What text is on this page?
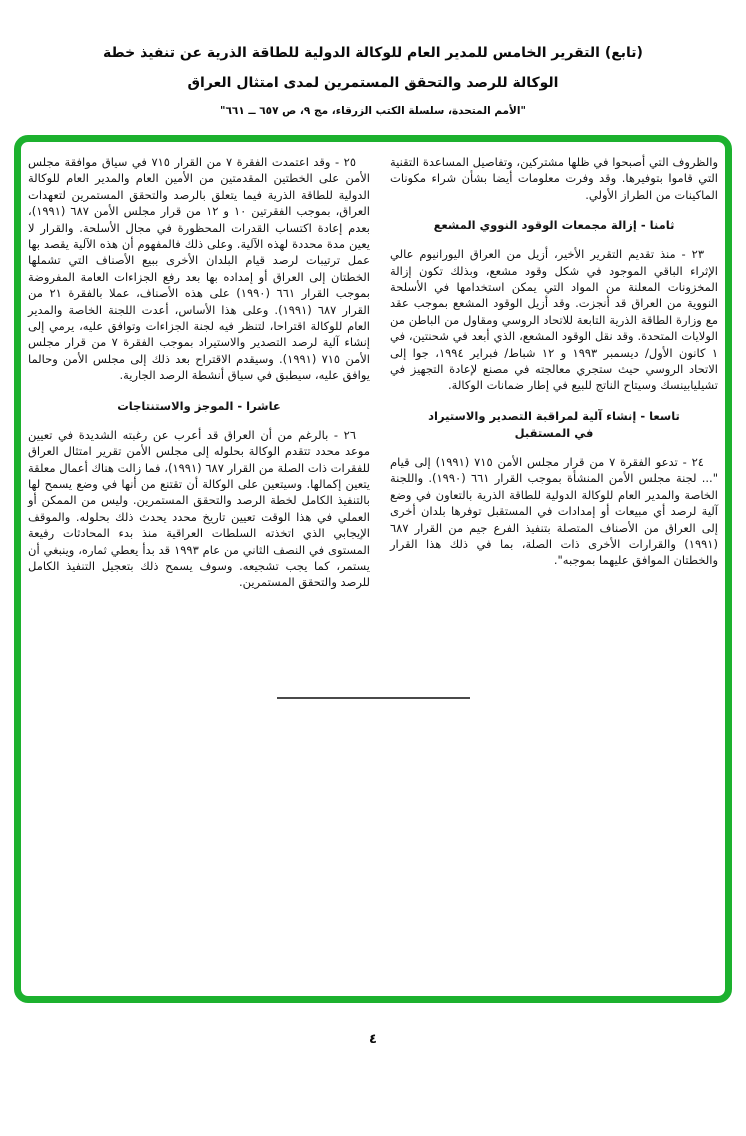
(تابع) التقرير الخامس للمدير العام للوكالة الدولية للطاقة الذرية عن تنفيذ خطة
الوكالة للرصد والتحقق المستمرين لمدى امتثال العراق
"الأمم المتحدة، سلسلة الكتب الزرقاء، مج ٩، ص ٦٥٧ ــ ٦٦١"

والظروف التي أصبحوا في ظلها مشتركين، وتفاصيل المساعدة التقنية التي قاموا بتوفيرها. وقد وفرت معلومات أيضا بشأن شراء مكونات الماكينات من الطراز الأولي.

ثامنا - إزالة مجمعات الوقود النووي المشعع

٢٣ - منذ تقديم التقرير الأخير، أزيل من العراق اليورانيوم عالي الإثراء الباقي الموجود في شكل وقود مشعع، وبذلك تكون إزالة المخزونات المعلنة من المواد التي يمكن استخدامها في الأسلحة النووية من العراق قد أنجزت. وقد أزيل الوقود المشعع بموجب عقد مع وزارة الطاقة الذرية التابعة للاتحاد الروسي ومقاول من الباطن من الولايات المتحدة. وقد نقل الوقود المشعع، الذي أبعد في شحنتين، في ١ كانون الأول/ ديسمبر ١٩٩٣ و ١٢ شباط/ فبراير ١٩٩٤، جوا إلى الاتحاد الروسي حيث ستجري معالجته في مصنع لإعادة التجهيز في تشيليابينسك وسيتاح الناتج للبيع في إطار ضمانات الوكالة.

تاسعا - إنشاء آلية لمراقبة التصدير والاستيراد
في المستقبل

٢٤ - تدعو الفقرة ٧ من قرار مجلس الأمن ٧١٥ (١٩٩١) إلى قيام "... لجنة مجلس الأمن المنشأة بموجب القرار ٦٦١ (١٩٩٠). واللجنة الخاصة والمدير العام للوكالة الدولية للطاقة الذرية بالتعاون في وضع آلية لرصد أي مبيعات أو إمدادات في المستقبل توفرها بلدان أخرى إلى العراق من الأصناف المتصلة بتنفيذ الفرع جيم من القرار ٦٨٧ (١٩٩١) والقرارات الأخرى ذات الصلة، بما في ذلك هذا القرار والخطتان الموافق عليهما بموجبه".

٢٥ - وقد اعتمدت الفقرة ٧ من القرار ٧١٥ في سياق موافقة مجلس الأمن على الخطتين المقدمتين من الأمين العام والمدير العام للوكالة الدولية للطاقة الذرية فيما يتعلق بالرصد والتحقق المستمرين لتعهدات العراق، بموجب الفقرتين ١٠ و ١٢ من قرار مجلس الأمن ٦٨٧ (١٩٩١)، بعدم إعادة اكتساب القدرات المحظورة في مجال الأسلحة. والقرار لا يعين مدة محددة لهذه الآلية. وعلى ذلك فالمفهوم أن هذه الآلية يقصد بها عمل ترتيبات لرصد قيام البلدان الأخرى ببيع الأصناف التي تشملها الخطتان إلى العراق أو إمداده بها بعد رفع الجزاءات العامة المفروضة بموجب القرار ٦٦١ (١٩٩٠) على هذه الأصناف، عملا بالفقرة ٢١ من القرار ٦٨٧ (١٩٩١). وعلى هذا الأساس، أعدت اللجنة الخاصة والمدير العام للوكالة اقتراحا، لتنظر فيه لجنة الجزاءات وتوافق عليه، يرمي إلى إنشاء آلية لرصد التصدير والاستيراد بموجب الفقرة ٧ من قرار مجلس الأمن ٧١٥ (١٩٩١). وسيقدم الاقتراح بعد ذلك إلى مجلس الأمن وحالما يوافق عليه، سيطبق في سياق أنشطة الرصد الجارية.

عاشرا - الموجز والاستنتاجات

٢٦ - بالرغم من أن العراق قد أعرب عن رغبته الشديدة في تعيين موعد محدد تتقدم الوكالة بحلوله إلى مجلس الأمن تقرير امتثال العراق للفقرات ذات الصلة من القرار ٦٨٧ (١٩٩١)، فما زالت هناك أعمال معلقة يتعين إكمالها. وسيتعين على الوكالة أن تقتنع من أنها في وضع يسمح لها بالتنفيذ الكامل لخطة الرصد والتحقق المستمرين. وليس من الممكن أو العملي في هذا الوقت تعيين تاريخ محدد يحدث ذلك بحلوله. والموقف الإيجابي الذي اتخذته السلطات العراقية منذ بدء المحادثات رفيعة المستوى في النصف الثاني من عام ١٩٩٣ قد بدأ يعطي ثماره، وينبغي أن يستمر، كما يجب تشجيعه. وسوف يسمح ذلك بتعجيل التنفيذ الكامل للرصد والتحقق المستمرين.

٤
